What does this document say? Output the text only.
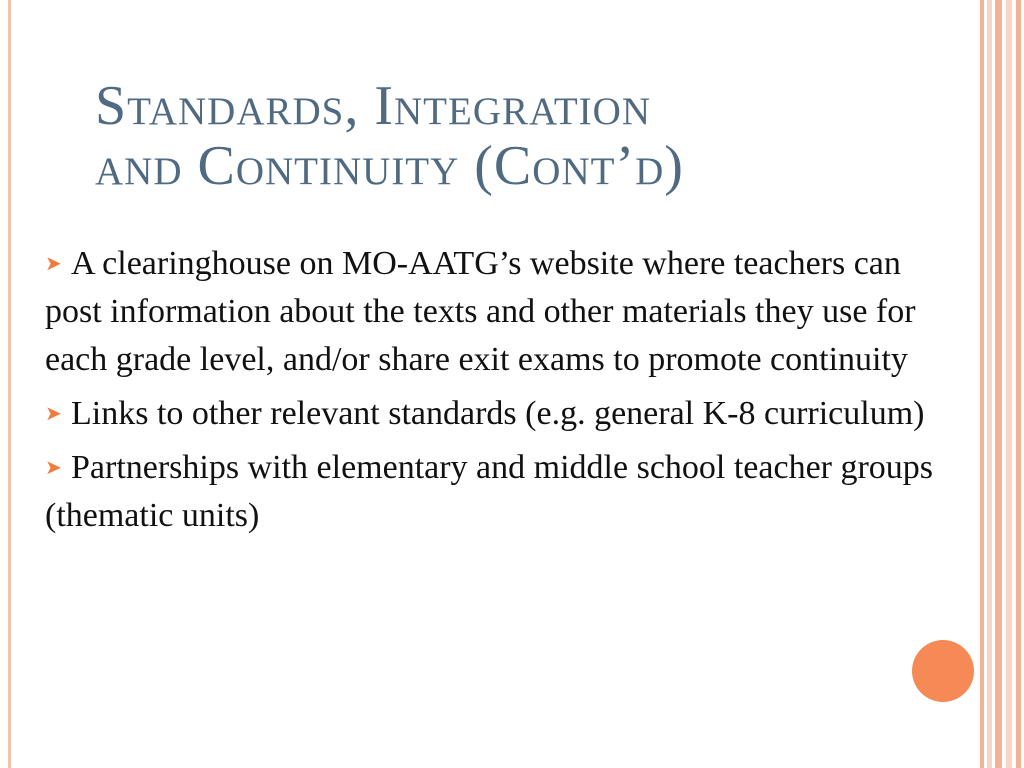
Standards, Integration
and Continuity (Cont’d)
➤ A clearinghouse on MO-AATG’s website where teachers can post information about the texts and other materials they use for each grade level, and/or share exit exams to promote continuity
➤ Links to other relevant standards (e.g. general K-8 curriculum)
➤ Partnerships with elementary and middle school teacher groups (thematic units)
